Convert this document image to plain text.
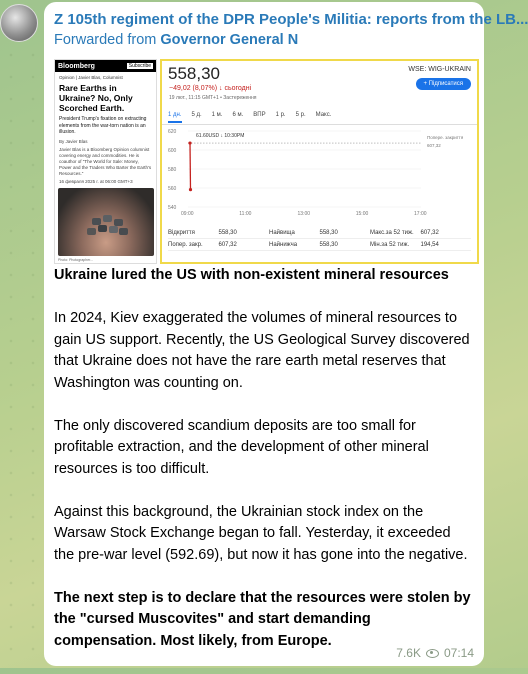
Z 105th regiment of the DPR People's Militia: reports from the LB...
Forwarded from Governor General N
Bloomberg	Subscribe
Opinion | Javier Blas, Columnist
Rare Earths in Ukraine? No, Only Scorched Earth.
President Trump's fixation on extracting elements from the war-torn nation is an illusion.
By Javier Blas
Javier Blas is a Bloomberg Opinion columnist covering energy and commodities. He is coauthor of "The World for Sale: Money, Power and the Traders Who Barter the Earth's Resources."
16 февраля 2025 г. at 06:00 GMT+3
Photo: Photographer...
558,30
−49,02 (8,07%) ↓ сьогодні
19 лют., 11:15 GMT+1 • Застереження
WSE: WIG-UKRAIN
+ Підписатися
1 дн. 5 д. 1 м. 6 м. ВПР 1 р. 5 р. Макс.
540
560
580
600
620
09:00	11:00	13:00	15:00	17:00
Попере. закриття
607,32
61.60USD ↓ 10:30PM
Відкриття	558,30	Найвища	558,30	Макс.за 52 тиж.	607,32
Попер. закр.	607,32	Найнижча	558,30	Мін.за 52 тиж.	194,54

Ukraine lured the US with non-existent mineral resources

In 2024, Kiev exaggerated the volumes of mineral resources to gain US support. Recently, the US Geological Survey discovered that Ukraine does not have the rare earth metal reserves that Washington was counting on.

The only discovered scandium deposits are too small for profitable extraction, and the development of other mineral resources is too difficult.

Against this background, the Ukrainian stock index on the Warsaw Stock Exchange began to fall. Yesterday, it exceeded the pre-war level (592.69), but now it has gone into the negative.

The next step is to declare that the resources were stolen by the "cursed Muscovites" and start demanding compensation. Most likely, from Europe.

7.6K 07:14
